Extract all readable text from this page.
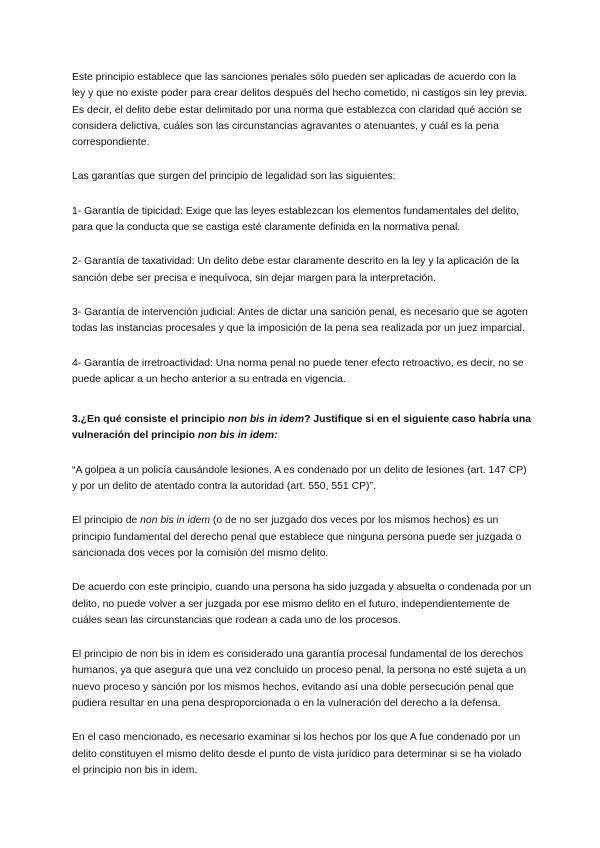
Este principio establece que las sanciones penales sólo pueden ser aplicadas de acuerdo con la ley y que no existe poder para crear delitos después del hecho cometido, ni castigos sin ley previa. Es decir, el delito debe estar delimitado por una norma que establezca con claridad qué acción se considera delictiva, cuáles son las circunstancias agravantes o atenuantes, y cuál es la pena correspondiente.

Las garantías que surgen del principio de legalidad son las siguientes:

1- Garantía de tipicidad: Exige que las leyes establezcan los elementos fundamentales del delito, para que la conducta que se castiga esté claramente definida en la normativa penal.

2- Garantía de taxatividad: Un delito debe estar claramente descrito en la ley y la aplicación de la sanción debe ser precisa e inequívoca, sin dejar margen para la interpretación.

3- Garantía de intervención judicial: Antes de dictar una sanción penal, es necesario que se agoten todas las instancias procesales y que la imposición de la pena sea realizada por un juez imparcial.

4- Garantía de irretroactividad: Una norma penal no puede tener efecto retroactivo, es decir, no se puede aplicar a un hecho anterior a su entrada en vigencia.

3.¿En qué consiste el principio non bis in idem? Justifique si en el siguiente caso habría una vulneración del principio non bis in idem:

“A golpea a un policía causándole lesiones. A es condenado por un delito de lesiones (art. 147 CP) y por un delito de atentado contra la autoridad (art. 550, 551 CP)”.

El principio de non bis in idem (o de no ser juzgado dos veces por los mismos hechos) es un principio fundamental del derecho penal que establece que ninguna persona puede ser juzgada o sancionada dos veces por la comisión del mismo delito.

De acuerdo con este principio, cuando una persona ha sido juzgada y absuelta o condenada por un delito, no puede volver a ser juzgada por ese mismo delito en el futuro, independientemente de cuáles sean las circunstancias que rodean a cada uno de los procesos.

El principio de non bis in idem es considerado una garantía procesal fundamental de los derechos humanos, ya que asegura que una vez concluido un proceso penal, la persona no esté sujeta a un nuevo proceso y sanción por los mismos hechos, evitando así una doble persecución penal que pudiera resultar en una pena desproporcionada o en la vulneración del derecho a la defensa.

En el caso mencionado, es necesario examinar si los hechos por los que A fue condenado por un delito constituyen el mismo delito desde el punto de vista jurídico para determinar si se ha violado el principio non bis in idem.
